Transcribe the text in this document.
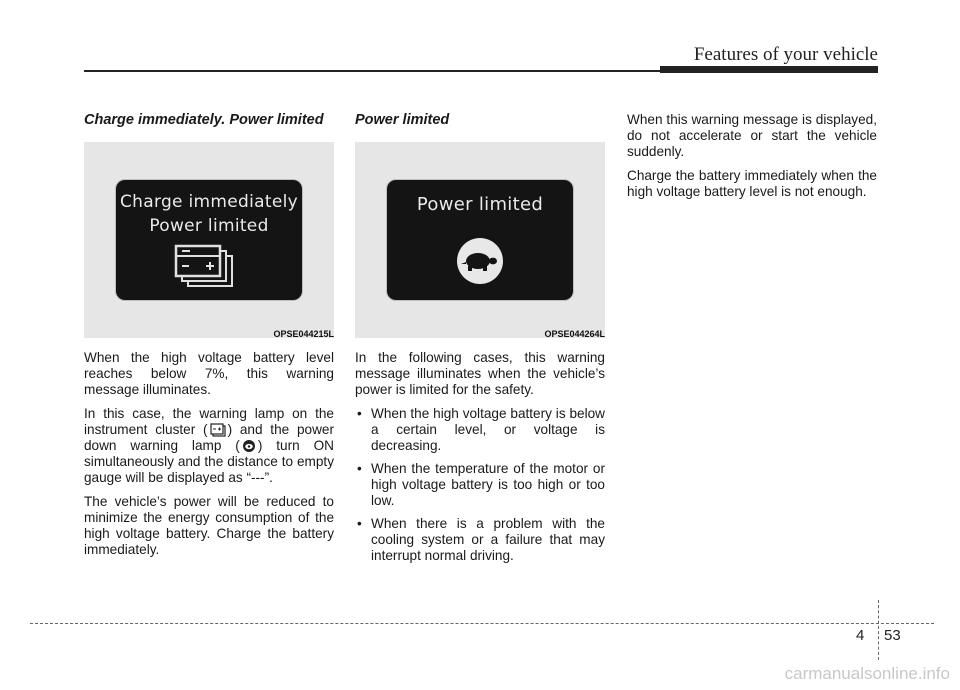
Features of your vehicle
Charge immediately. Power limited
Charge immediately
Power limited
OPSE044215L

When the high voltage battery level reaches below 7%, this warning message illuminates.

In this case, the warning lamp on the instrument cluster ( ) and the power down warning lamp ( ) turn ON simultaneously and the distance to empty gauge will be displayed as “---”.

The vehicle’s power will be reduced to minimize the energy consumption of the high voltage battery. Charge the battery immediately.

Power limited
Power limited
OPSE044264L

In the following cases, this warning message illuminates when the vehicle’s power is limited for the safety.

• When the high voltage battery is below a certain level, or voltage is decreasing.
• When the temperature of the motor or high voltage battery is too high or too low.
• When there is a problem with the cooling system or a failure that may interrupt normal driving.

When this warning message is displayed, do not accelerate or start the vehicle suddenly.

Charge the battery immediately when the high voltage battery level is not enough.

4 53
carmanualsonline.info
